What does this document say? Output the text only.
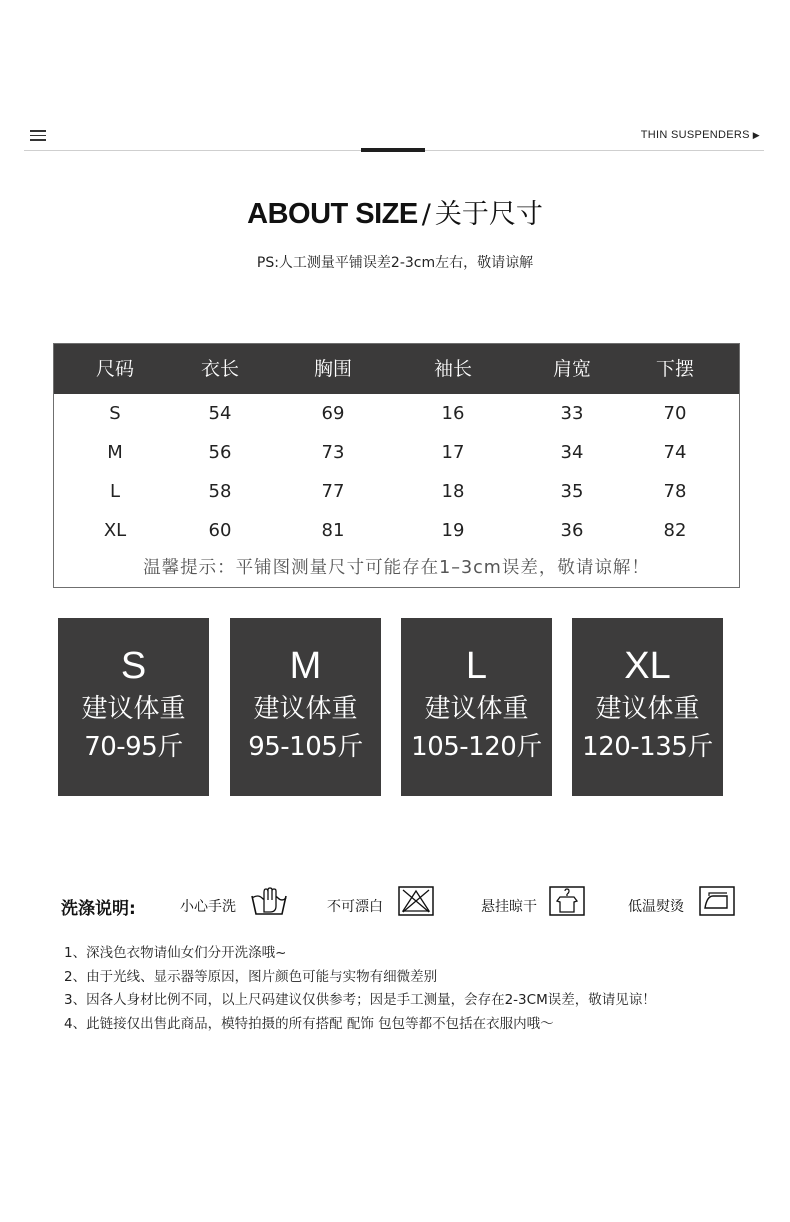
THIN SUSPENDERS ▶
ABOUT SIZE / 关于尺寸
PS:人工测量平铺误差2-3cm左右，敬请谅解
尺码	衣长	胸围	袖长	肩宽	下摆
S	54	69	16	33	70
M	56	73	17	34	74
L	58	77	18	35	78
XL	60	81	19	36	82
温馨提示：平铺图测量尺寸可能存在1–3cm误差，敬请谅解！
S
建议体重
70-95斤
M
建议体重
95-105斤
L
建议体重
105-120斤
XL
建议体重
120-135斤
洗涤说明:	小心手洗	不可漂白	悬挂晾干	低温熨烫
1、深浅色衣物请仙女们分开洗涤哦~
2、由于光线、显示器等原因，图片颜色可能与实物有细微差别
3、因各人身材比例不同，以上尺码建议仅供参考；因是手工测量，会存在2-3CM误差，敬请见谅！
4、此链接仅出售此商品，模特拍摄的所有搭配 配饰 包包等都不包括在衣服内哦～
